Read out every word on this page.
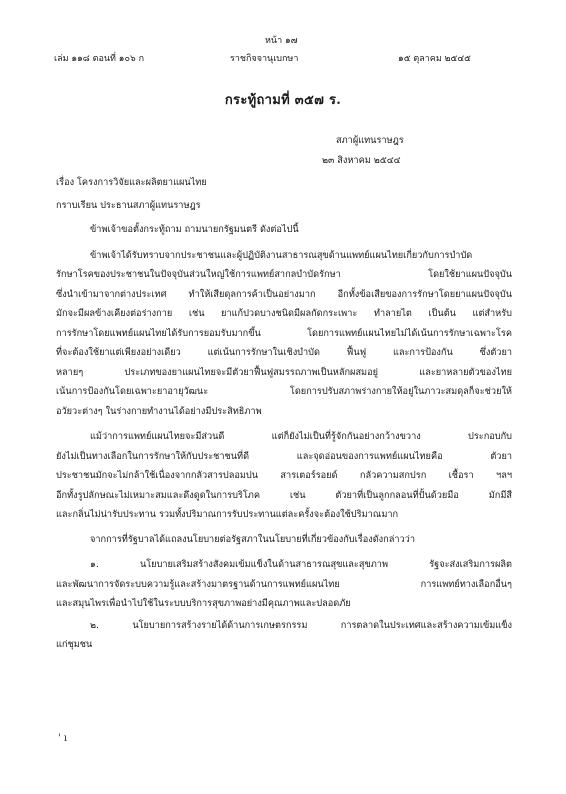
หน้า ๑๗
เล่ม ๑๑๘ ตอนที่ ๑๐๖ ก	ราชกิจจานุเบกษา	๑๕ ตุลาคม ๒๕๔๕
กระทู้ถามที่ ๓๕๗ ร.
สภาผู้แทนราษฎร
๒๓ สิงหาคม ๒๕๔๔
เรื่อง โครงการวิจัยและผลิตยาแผนไทย
กราบเรียน ประธานสภาผู้แทนราษฎร
ข้าพเจ้าขอตั้งกระทู้ถาม ถามนายกรัฐมนตรี ดังต่อไปนี้
ข้าพเจ้าได้รับทราบจากประชาชนและผู้ปฏิบัติงานสาธารณสุขด้านแพทย์แผนไทยเกี่ยวกับการบำบัด
รักษาโรคของประชาชนในปัจจุบันส่วนใหญ่ใช้การแพทย์สากลบำบัดรักษา โดยใช้ยาแผนปัจจุบัน
ซึ่งนำเข้ามาจากต่างประเทศ ทำให้เสียดุลการค้าเป็นอย่างมาก อีกทั้งข้อเสียของการรักษาโดยยาแผนปัจจุบัน
มักจะมีผลข้างเคียงต่อร่างกาย เช่น ยาแก้ปวดบางชนิดมีผลกัดกระเพาะ ทำลายไต เป็นต้น แต่สำหรับ
การรักษาโดยแพทย์แผนไทยได้รับการยอมรับมากขึ้น โดยการแพทย์แผนไทยไม่ได้เน้นการรักษาเฉพาะโรค
ที่จะต้องใช้ยาแต่เพียงอย่างเดียว แต่เน้นการรักษาในเชิงบำบัด ฟื้นฟู และการป้องกัน ซึ่งตัวยา
หลายๆ ประเภทของยาแผนไทยจะมีตัวยาฟื้นฟูสมรรถภาพเป็นหลักผสมอยู่ และยาหลายตัวของไทย
เน้นการป้องกันโดยเฉพาะยาอายุวัฒนะ โดยการปรับสภาพร่างกายให้อยู่ในภาวะสมดุลก็จะช่วยให้
อวัยวะต่างๆ ในร่างกายทำงานได้อย่างมีประสิทธิภาพ
แม้ว่าการแพทย์แผนไทยจะมีส่วนดี แต่ก็ยังไม่เป็นที่รู้จักกันอย่างกว้างขวาง ประกอบกับ
ยังไม่เป็นทางเลือกในการรักษาให้กับประชาชนที่ดี และจุดอ่อนของการแพทย์แผนไทยคือ ตัวยา
ประชาชนมักจะไม่กล้าใช้เนื่องจากกลัวสารปลอมปน สารเตอร์รอยด์ กลัวความสกปรก เชื้อรา ฯลฯ
อีกทั้งรูปลักษณะไม่เหมาะสมและดึงดูดในการบริโภค เช่น ตัวยาที่เป็นลูกกลอนที่ปั้นด้วยมือ มักมีสี
และกลิ่นไม่น่ารับประทาน รวมทั้งปริมาณการรับประทานแต่ละครั้งจะต้องใช้ปริมาณมาก
จากการที่รัฐบาลได้แถลงนโยบายต่อรัฐสภาในนโยบายที่เกี่ยวข้องกับเรื่องดังกล่าวว่า
๑. นโยบายเสริมสร้างสังคมเข้มแข็งในด้านสาธารณสุขและสุขภาพ รัฐจะส่งเสริมการผลิต
และพัฒนาการจัดระบบความรู้และสร้างมาตรฐานด้านการแพทย์แผนไทย การแพทย์ทางเลือกอื่นๆ
และสมุนไพรเพื่อนำไปใช้ในระบบบริการสุขภาพอย่างมีคุณภาพและปลอดภัย
๒. นโยบายการสร้างรายได้ด้านการเกษตรกรรม การตลาดในประเทศและสร้างความเข้มแข็ง
แก่ชุมชน
' ı
